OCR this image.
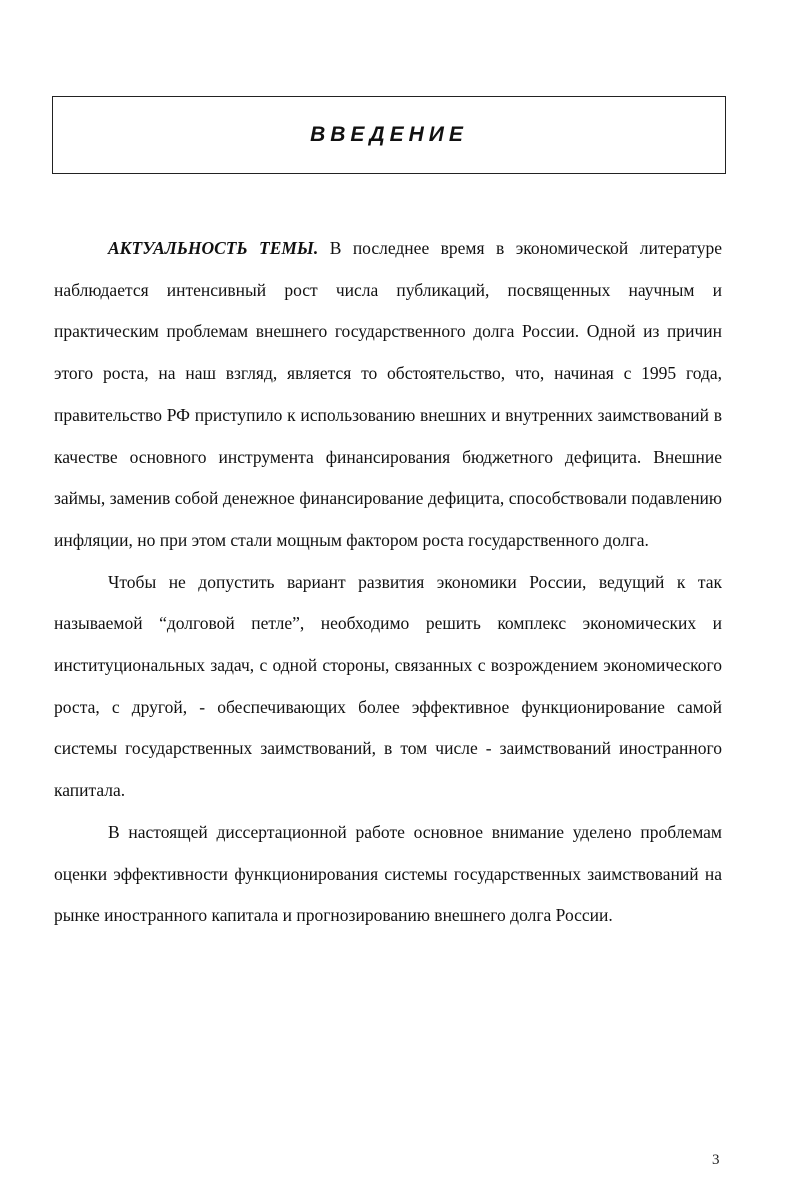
ВВЕДЕНИЕ

АКТУАЛЬНОСТЬ ТЕМЫ. В последнее время в экономической литературе наблюдается интенсивный рост числа публикаций, посвященных научным и практическим проблемам внешнего государственного долга России. Одной из причин этого роста, на наш взгляд, является то обстоятельство, что, начиная с 1995 года, правительство РФ приступило к использованию внешних и внутренних заимствований в качестве основного инструмента финансирования бюджетного дефицита. Внешние займы, заменив собой денежное финансирование дефицита, способствовали подавлению инфляции, но при этом стали мощным фактором роста государственного долга.

Чтобы не допустить вариант развития экономики России, ведущий к так называемой “долговой петле”, необходимо решить комплекс экономических и институциональных задач, с одной стороны, связанных с возрождением экономического роста, с другой, - обеспечивающих более эффективное функционирование самой системы государственных заимствований, в том числе - заимствований иностранного капитала.

В настоящей диссертационной работе основное внимание уделено проблемам оценки эффективности функционирования системы государственных заимствований на рынке иностранного капитала и прогнозированию внешнего долга России.

3
